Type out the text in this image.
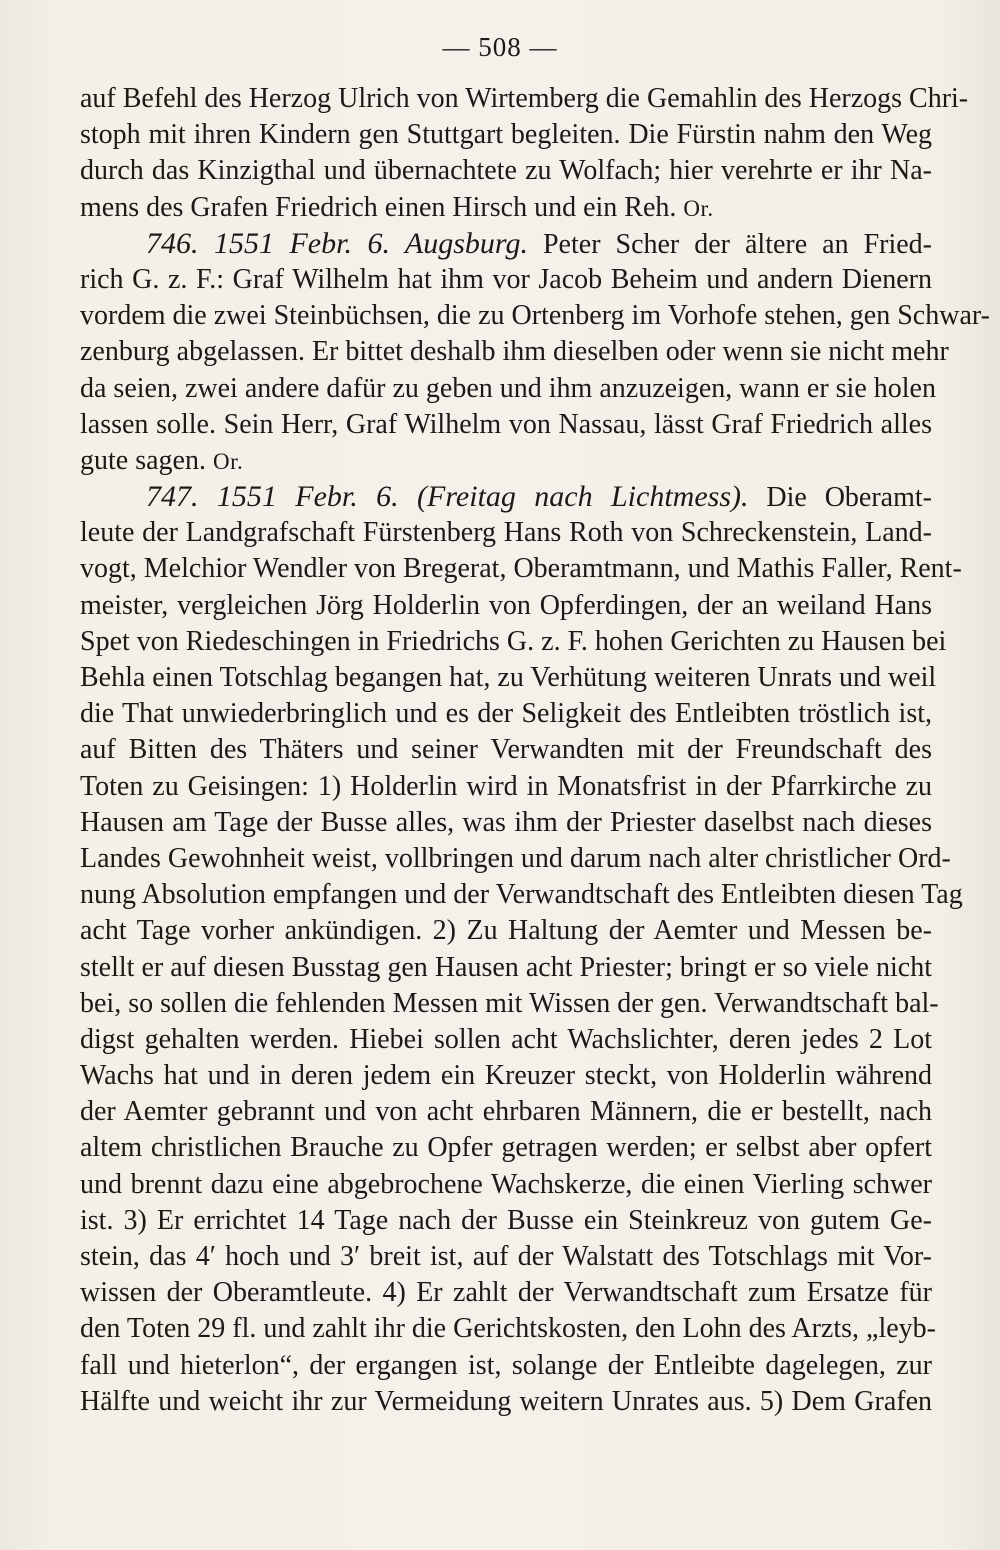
— 508 —
auf Befehl des Herzog Ulrich von Wirtemberg die Gemahlin des Herzogs Chri-
stoph mit ihren Kindern gen Stuttgart begleiten. Die Fürstin nahm den Weg
durch das Kinzigthal und übernachtete zu Wolfach; hier verehrte er ihr Na-
mens des Grafen Friedrich einen Hirsch und ein Reh. Or.
746. 1551 Febr. 6. Augsburg. Peter Scher der ältere an Fried-
rich G. z. F.: Graf Wilhelm hat ihm vor Jacob Beheim und andern Dienern
vordem die zwei Steinbüchsen, die zu Ortenberg im Vorhofe stehen, gen Schwar-
zenburg abgelassen. Er bittet deshalb ihm dieselben oder wenn sie nicht mehr
da seien, zwei andere dafür zu geben und ihm anzuzeigen, wann er sie holen
lassen solle. Sein Herr, Graf Wilhelm von Nassau, lässt Graf Friedrich alles
gute sagen. Or.
747. 1551 Febr. 6. (Freitag nach Lichtmess). Die Oberamt-
leute der Landgrafschaft Fürstenberg Hans Roth von Schreckenstein, Land-
vogt, Melchior Wendler von Bregerat, Oberamtmann, und Mathis Faller, Rent-
meister, vergleichen Jörg Holderlin von Opferdingen, der an weiland Hans
Spet von Riedeschingen in Friedrichs G. z. F. hohen Gerichten zu Hausen bei
Behla einen Totschlag begangen hat, zu Verhütung weiteren Unrats und weil
die That unwiederbringlich und es der Seligkeit des Entleibten tröstlich ist,
auf Bitten des Thäters und seiner Verwandten mit der Freundschaft des
Toten zu Geisingen: 1) Holderlin wird in Monatsfrist in der Pfarrkirche zu
Hausen am Tage der Busse alles, was ihm der Priester daselbst nach dieses
Landes Gewohnheit weist, vollbringen und darum nach alter christlicher Ord-
nung Absolution empfangen und der Verwandtschaft des Entleibten diesen Tag
acht Tage vorher ankündigen. 2) Zu Haltung der Aemter und Messen be-
stellt er auf diesen Busstag gen Hausen acht Priester; bringt er so viele nicht
bei, so sollen die fehlenden Messen mit Wissen der gen. Verwandtschaft bal-
digst gehalten werden. Hiebei sollen acht Wachslichter, deren jedes 2 Lot
Wachs hat und in deren jedem ein Kreuzer steckt, von Holderlin während
der Aemter gebrannt und von acht ehrbaren Männern, die er bestellt, nach
altem christlichen Brauche zu Opfer getragen werden; er selbst aber opfert
und brennt dazu eine abgebrochene Wachskerze, die einen Vierling schwer
ist. 3) Er errichtet 14 Tage nach der Busse ein Steinkreuz von gutem Ge-
stein, das 4′ hoch und 3′ breit ist, auf der Walstatt des Totschlags mit Vor-
wissen der Oberamtleute. 4) Er zahlt der Verwandtschaft zum Ersatze für
den Toten 29 fl. und zahlt ihr die Gerichtskosten, den Lohn des Arzts, „leyb-
fall und hieterlon“, der ergangen ist, solange der Entleibte dagelegen, zur
Hälfte und weicht ihr zur Vermeidung weitern Unrates aus. 5) Dem Grafen
